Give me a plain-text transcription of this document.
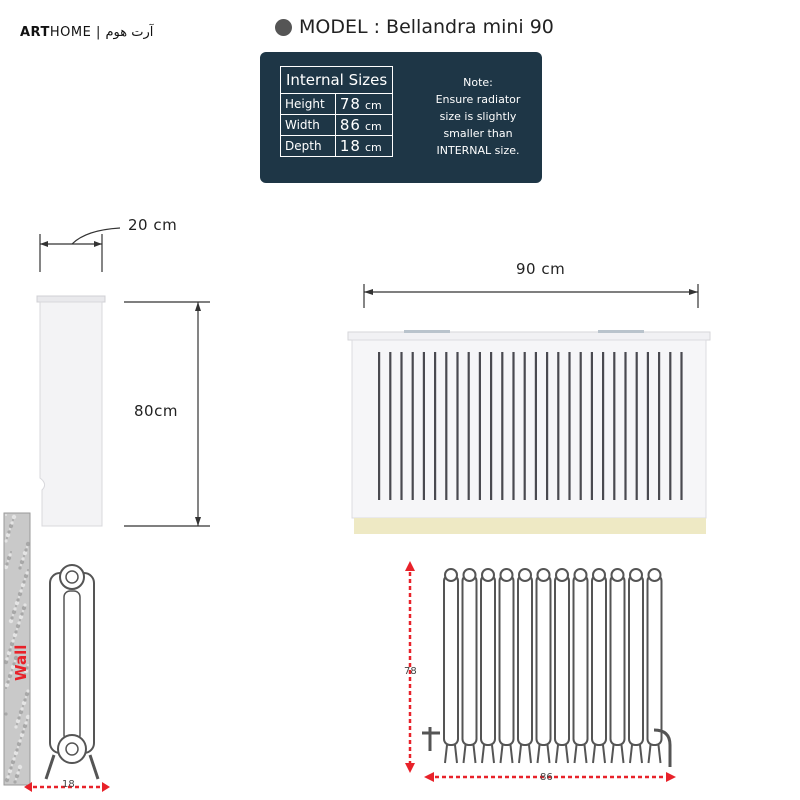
ARTHOME | آرت هوم	MODEL : Bellandra mini 90
Internal Sizes	
Height	78 cm
Width	86 cm
Depth	18 cm
Note:
Ensure radiator
size is slightly
smaller than
INTERNAL size.
20 cm
80cm
90 cm
Wall
18
78
86
